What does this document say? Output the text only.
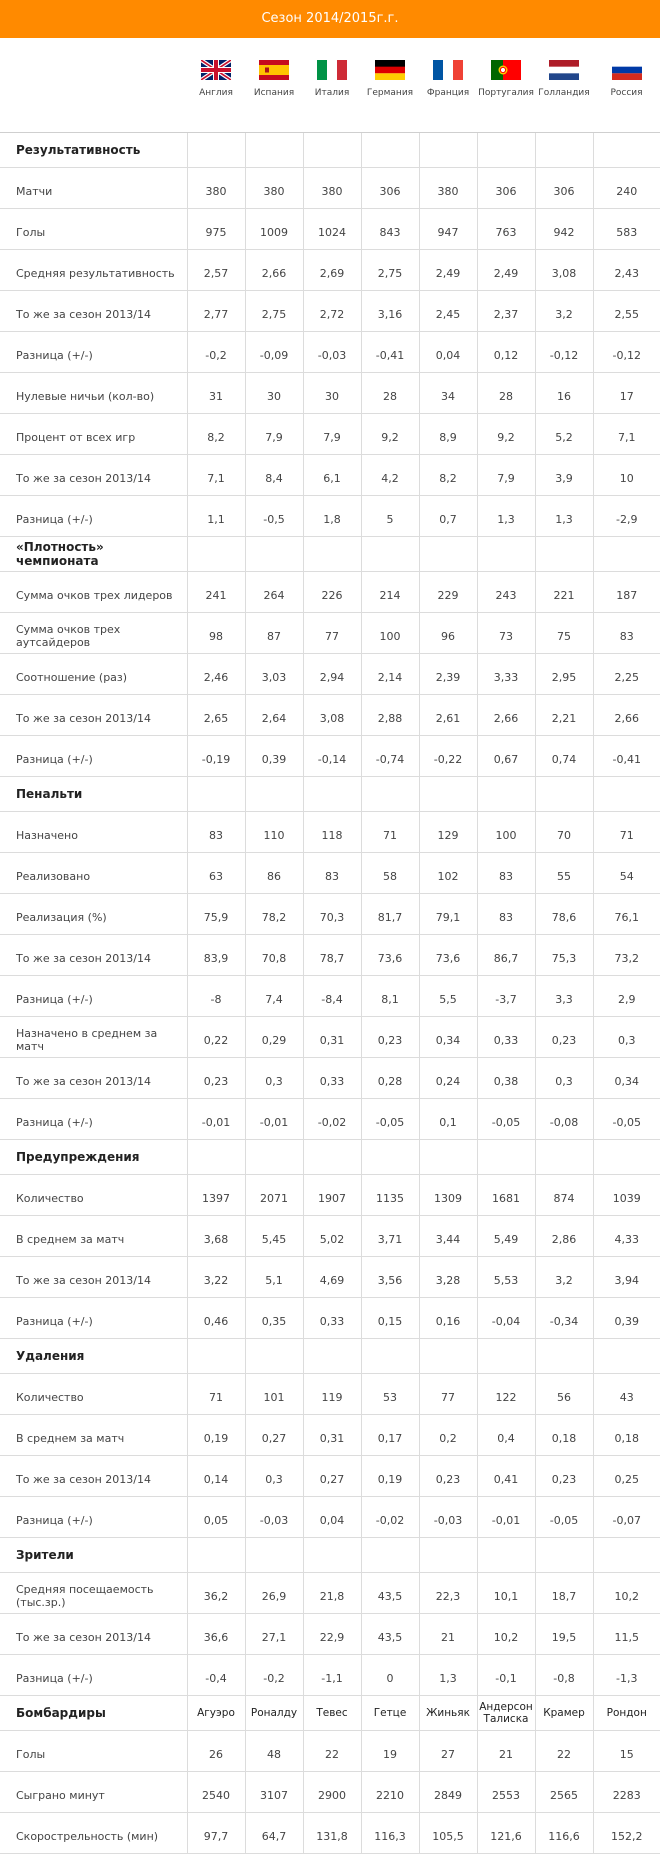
Сезон 2014/2015г.г.

	Англия	Испания	Италия	Германия	Франция	Португалия	Голландия	Россия

Результативность								
Матчи	380	380	380	306	380	306	306	240
Голы	975	1009	1024	843	947	763	942	583
Средняя результативность	2,57	2,66	2,69	2,75	2,49	2,49	3,08	2,43
То же за сезон 2013/14	2,77	2,75	2,72	3,16	2,45	2,37	3,2	2,55
Разница (+/-)	-0,2	-0,09	-0,03	-0,41	0,04	0,12	-0,12	-0,12
Нулевые ничьи (кол-во)	31	30	30	28	34	28	16	17
Процент от всех игр	8,2	7,9	7,9	9,2	8,9	9,2	5,2	7,1
То же за сезон 2013/14	7,1	8,4	6,1	4,2	8,2	7,9	3,9	10
Разница (+/-)	1,1	-0,5	1,8	5	0,7	1,3	1,3	-2,9
«Плотность» чемпионата								
Сумма очков трех лидеров	241	264	226	214	229	243	221	187
Сумма очков трех аутсайдеров	98	87	77	100	96	73	75	83
Соотношение (раз)	2,46	3,03	2,94	2,14	2,39	3,33	2,95	2,25
То же за сезон 2013/14	2,65	2,64	3,08	2,88	2,61	2,66	2,21	2,66
Разница (+/-)	-0,19	0,39	-0,14	-0,74	-0,22	0,67	0,74	-0,41
Пенальти								
Назначено	83	110	118	71	129	100	70	71
Реализовано	63	86	83	58	102	83	55	54
Реализация (%)	75,9	78,2	70,3	81,7	79,1	83	78,6	76,1
То же за сезон 2013/14	83,9	70,8	78,7	73,6	73,6	86,7	75,3	73,2
Разница (+/-)	-8	7,4	-8,4	8,1	5,5	-3,7	3,3	2,9
Назначено в среднем за матч	0,22	0,29	0,31	0,23	0,34	0,33	0,23	0,3
То же за сезон 2013/14	0,23	0,3	0,33	0,28	0,24	0,38	0,3	0,34
Разница (+/-)	-0,01	-0,01	-0,02	-0,05	0,1	-0,05	-0,08	-0,05
Предупреждения								
Количество	1397	2071	1907	1135	1309	1681	874	1039
В среднем за матч	3,68	5,45	5,02	3,71	3,44	5,49	2,86	4,33
То же за сезон 2013/14	3,22	5,1	4,69	3,56	3,28	5,53	3,2	3,94
Разница (+/-)	0,46	0,35	0,33	0,15	0,16	-0,04	-0,34	0,39
Удаления								
Количество	71	101	119	53	77	122	56	43
В среднем за матч	0,19	0,27	0,31	0,17	0,2	0,4	0,18	0,18
То же за сезон 2013/14	0,14	0,3	0,27	0,19	0,23	0,41	0,23	0,25
Разница (+/-)	0,05	-0,03	0,04	-0,02	-0,03	-0,01	-0,05	-0,07
Зрители								
Средняя посещаемость (тыс.зр.)	36,2	26,9	21,8	43,5	22,3	10,1	18,7	10,2
То же за сезон 2013/14	36,6	27,1	22,9	43,5	21	10,2	19,5	11,5
Разница (+/-)	-0,4	-0,2	-1,1	0	1,3	-0,1	-0,8	-1,3
Бомбардиры	Агуэро	Роналду	Тевес	Гетце	Жиньяк	Андерсон Талиска	Крамер	Рондон
Голы	26	48	22	19	27	21	22	15
Сыграно минут	2540	3107	2900	2210	2849	2553	2565	2283
Скорострельность (мин)	97,7	64,7	131,8	116,3	105,5	121,6	116,6	152,2
